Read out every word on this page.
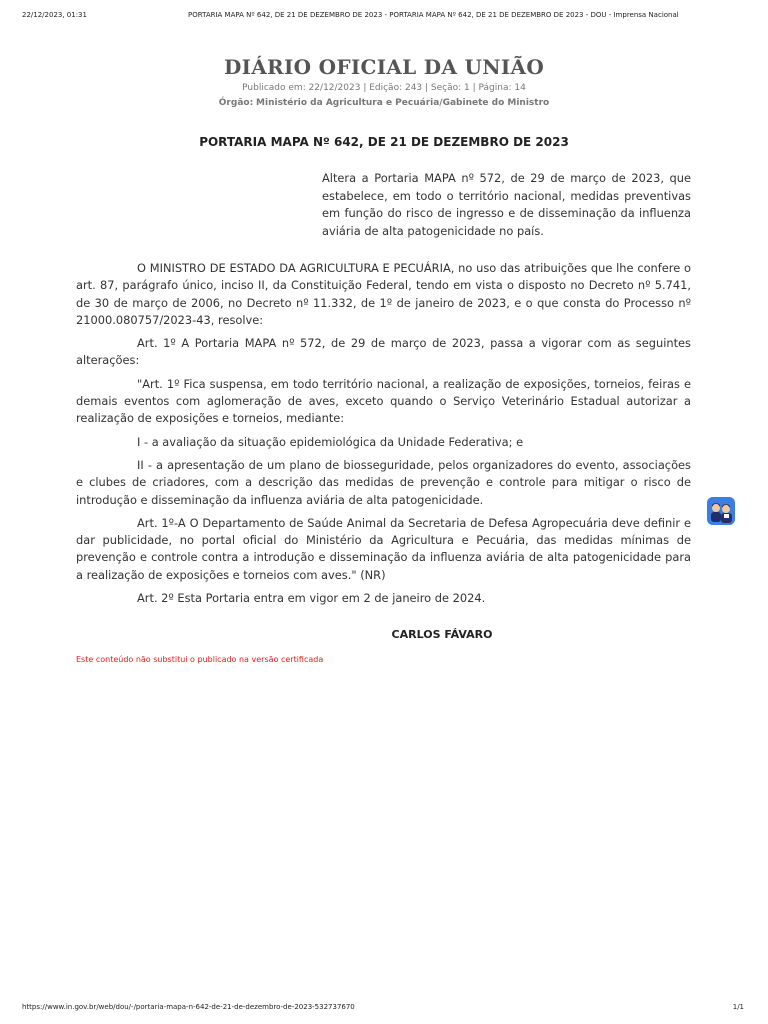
22/12/2023, 01:31	PORTARIA MAPA Nº 642, DE 21 DE DEZEMBRO DE 2023 - PORTARIA MAPA Nº 642, DE 21 DE DEZEMBRO DE 2023 - DOU - Imprensa Nacional
DIÁRIO OFICIAL DA UNIÃO
Publicado em: 22/12/2023 | Edição: 243 | Seção: 1 | Página: 14
Órgão: Ministério da Agricultura e Pecuária/Gabinete do Ministro
PORTARIA MAPA Nº 642, DE 21 DE DEZEMBRO DE 2023
Altera a Portaria MAPA nº 572, de 29 de março de 2023, que estabelece, em todo o território nacional, medidas preventivas em função do risco de ingresso e de disseminação da influenza aviária de alta patogenicidade no país.

O MINISTRO DE ESTADO DA AGRICULTURA E PECUÁRIA, no uso das atribuições que lhe confere o art. 87, parágrafo único, inciso II, da Constituição Federal, tendo em vista o disposto no Decreto nº 5.741, de 30 de março de 2006, no Decreto nº 11.332, de 1º de janeiro de 2023, e o que consta do Processo nº 21000.080757/2023-43, resolve:

Art. 1º A Portaria MAPA nº 572, de 29 de março de 2023, passa a vigorar com as seguintes alterações:

"Art. 1º Fica suspensa, em todo território nacional, a realização de exposições, torneios, feiras e demais eventos com aglomeração de aves, exceto quando o Serviço Veterinário Estadual autorizar a realização de exposições e torneios, mediante:

I - a avaliação da situação epidemiológica da Unidade Federativa; e

II - a apresentação de um plano de biosseguridade, pelos organizadores do evento, associações e clubes de criadores, com a descrição das medidas de prevenção e controle para mitigar o risco de introdução e disseminação da influenza aviária de alta patogenicidade.

Art. 1º-A O Departamento de Saúde Animal da Secretaria de Defesa Agropecuária deve definir e dar publicidade, no portal oficial do Ministério da Agricultura e Pecuária, das medidas mínimas de prevenção e controle contra a introdução e disseminação da influenza aviária de alta patogenicidade para a realização de exposições e torneios com aves." (NR)

Art. 2º Esta Portaria entra em vigor em 2 de janeiro de 2024.

CARLOS FÁVARO
Este conteúdo não substitui o publicado na versão certificada
https://www.in.gov.br/web/dou/-/portaria-mapa-n-642-de-21-de-dezembro-de-2023-532737670	1/1
